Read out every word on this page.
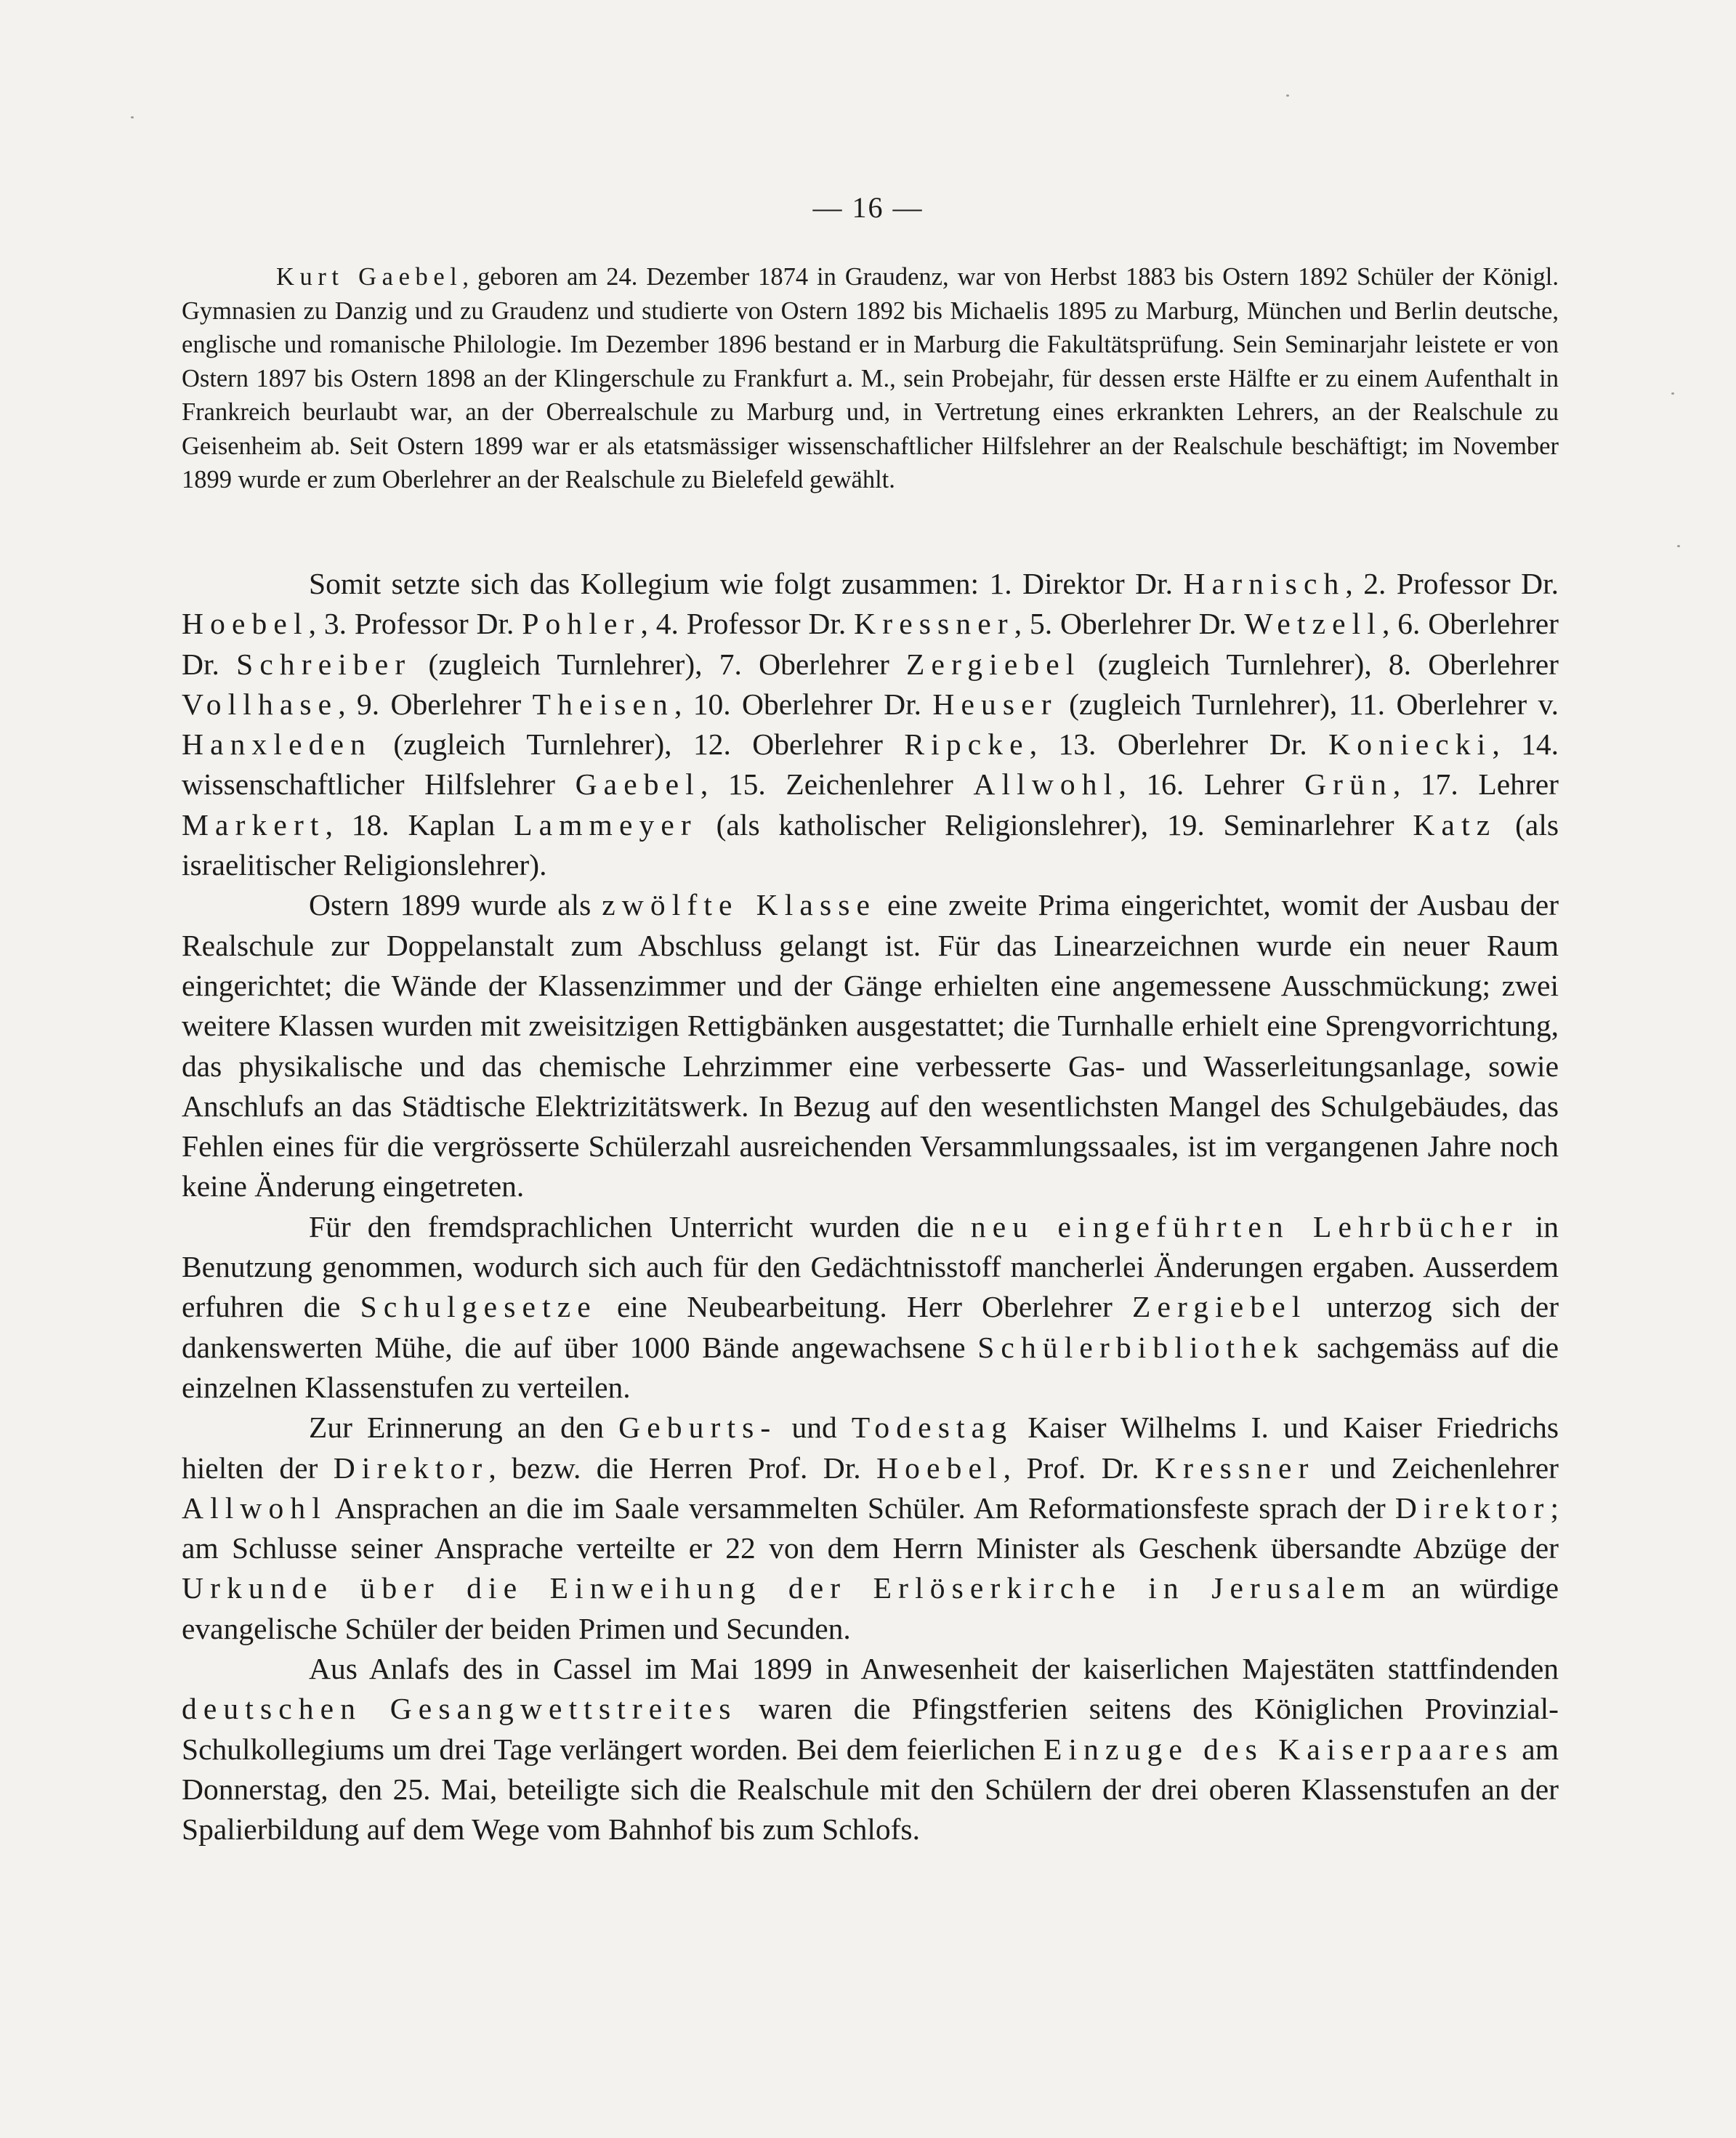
— 16 —
Kurt Gaebel, geboren am 24. Dezember 1874 in Graudenz, war von Herbst 1883 bis Ostern 1892 Schüler der Königl. Gymnasien zu Danzig und zu Graudenz und studierte von Ostern 1892 bis Michaelis 1895 zu Marburg, München und Berlin deutsche, englische und romanische Philologie. Im Dezember 1896 bestand er in Marburg die Fakultätsprüfung. Sein Seminarjahr leistete er von Ostern 1897 bis Ostern 1898 an der Klingerschule zu Frankfurt a. M., sein Probejahr, für dessen erste Hälfte er zu einem Aufenthalt in Frankreich beurlaubt war, an der Oberrealschule zu Marburg und, in Vertretung eines erkrankten Lehrers, an der Realschule zu Geisenheim ab. Seit Ostern 1899 war er als etatsmässiger wissenschaftlicher Hilfslehrer an der Realschule beschäftigt; im November 1899 wurde er zum Oberlehrer an der Realschule zu Bielefeld gewählt.

Somit setzte sich das Kollegium wie folgt zusammen: 1. Direktor Dr. Harnisch, 2. Professor Dr. Hoebel, 3. Professor Dr. Pohler, 4. Professor Dr. Kressner, 5. Oberlehrer Dr. Wetzell, 6. Oberlehrer Dr. Schreiber (zugleich Turnlehrer), 7. Oberlehrer Zergiebel (zugleich Turnlehrer), 8. Oberlehrer Vollhase, 9. Oberlehrer Theisen, 10. Oberlehrer Dr. Heuser (zugleich Turnlehrer), 11. Oberlehrer v. Hanxleden (zugleich Turnlehrer), 12. Oberlehrer Ripcke, 13. Oberlehrer Dr. Koniecki, 14. wissenschaftlicher Hilfslehrer Gaebel, 15. Zeichenlehrer Allwohl, 16. Lehrer Grün, 17. Lehrer Markert, 18. Kaplan Lammeyer (als katholischer Religionslehrer), 19. Seminarlehrer Katz (als israelitischer Religionslehrer).

Ostern 1899 wurde als zwölfte Klasse eine zweite Prima eingerichtet, womit der Ausbau der Realschule zur Doppelanstalt zum Abschluss gelangt ist. Für das Linearzeichnen wurde ein neuer Raum eingerichtet; die Wände der Klassenzimmer und der Gänge erhielten eine angemessene Ausschmückung; zwei weitere Klassen wurden mit zweisitzigen Rettigbänken ausgestattet; die Turnhalle erhielt eine Sprengvorrichtung, das physikalische und das chemische Lehrzimmer eine verbesserte Gas- und Wasserleitungsanlage, sowie Anschlufs an das Städtische Elektrizitätswerk. In Bezug auf den wesentlichsten Mangel des Schulgebäudes, das Fehlen eines für die vergrösserte Schülerzahl ausreichenden Versammlungssaales, ist im vergangenen Jahre noch keine Änderung eingetreten.

Für den fremdsprachlichen Unterricht wurden die neu eingeführten Lehrbücher in Benutzung genommen, wodurch sich auch für den Gedächtnisstoff mancherlei Änderungen ergaben. Ausserdem erfuhren die Schulgesetze eine Neubearbeitung. Herr Oberlehrer Zergiebel unterzog sich der dankenswerten Mühe, die auf über 1000 Bände angewachsene Schülerbibliothek sachgemäss auf die einzelnen Klassenstufen zu verteilen.

Zur Erinnerung an den Geburts- und Todestag Kaiser Wilhelms I. und Kaiser Friedrichs hielten der Direktor, bezw. die Herren Prof. Dr. Hoebel, Prof. Dr. Kressner und Zeichenlehrer Allwohl Ansprachen an die im Saale versammelten Schüler. Am Reformationsfeste sprach der Direktor; am Schlusse seiner Ansprache verteilte er 22 von dem Herrn Minister als Geschenk übersandte Abzüge der Urkunde über die Einweihung der Erlöserkirche in Jerusalem an würdige evangelische Schüler der beiden Primen und Secunden.

Aus Anlafs des in Cassel im Mai 1899 in Anwesenheit der kaiserlichen Majestäten stattfindenden deutschen Gesangwettstreites waren die Pfingstferien seitens des Königlichen Provinzial-Schulkollegiums um drei Tage verlängert worden. Bei dem feierlichen Einzuge des Kaiserpaares am Donnerstag, den 25. Mai, beteiligte sich die Realschule mit den Schülern der drei oberen Klassenstufen an der Spalierbildung auf dem Wege vom Bahnhof bis zum Schlofs.
